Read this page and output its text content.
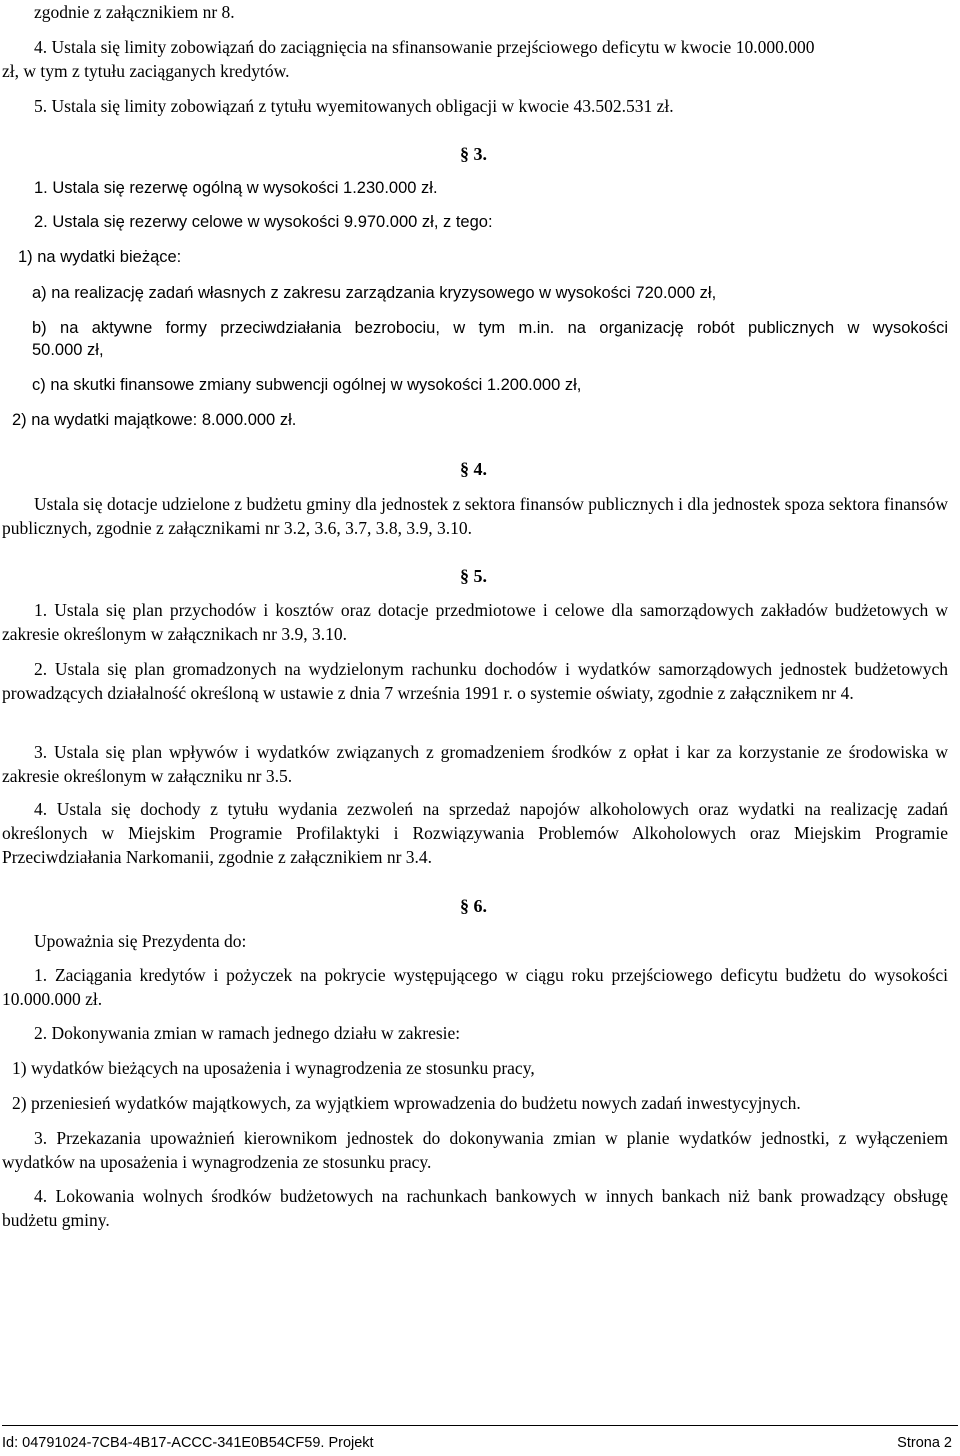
zgodnie z załącznikiem nr 8.
4. Ustala się limity zobowiązań do zaciągnięcia na sfinansowanie przejściowego deficytu w kwocie 10.000.000
zł, w tym z tytułu zaciąganych kredytów.
5. Ustala się limity zobowiązań z tytułu wyemitowanych obligacji w kwocie 43.502.531 zł.
§ 3.
1. Ustala się rezerwę ogólną w wysokości 1.230.000 zł.
2. Ustala się rezerwy celowe w wysokości 9.970.000 zł, z tego:
1) na wydatki bieżące:
a) na realizację zadań własnych z zakresu zarządzania kryzysowego w wysokości 720.000 zł,
b) na aktywne formy przeciwdziałania bezrobociu, w tym m.in. na organizację robót publicznych w wysokości
50.000 zł,
c) na skutki finansowe zmiany subwencji ogólnej w wysokości 1.200.000 zł,
2) na wydatki majątkowe: 8.000.000 zł.
§ 4.
Ustala się dotacje udzielone z budżetu gminy dla jednostek z sektora finansów publicznych i dla jednostek spoza sektora finansów publicznych, zgodnie z załącznikami nr 3.2, 3.6, 3.7, 3.8, 3.9, 3.10.
§ 5.
1. Ustala się plan przychodów i kosztów oraz dotacje przedmiotowe i celowe dla samorządowych zakładów budżetowych w zakresie określonym w załącznikach nr 3.9, 3.10.
2. Ustala się plan gromadzonych na wydzielonym rachunku dochodów i wydatków samorządowych jednostek budżetowych prowadzących działalność określoną w ustawie z dnia 7 września 1991 r. o systemie oświaty, zgodnie z załącznikem nr 4.
3. Ustala się plan wpływów i wydatków związanych z gromadzeniem środków z opłat i kar za korzystanie ze środowiska w zakresie określonym w załączniku nr 3.5.
4. Ustala się dochody z tytułu wydania zezwoleń na sprzedaż napojów alkoholowych oraz wydatki na realizację zadań określonych w Miejskim Programie Profilaktyki i Rozwiązywania Problemów Alkoholowych oraz Miejskim Programie Przeciwdziałania Narkomanii, zgodnie z załącznikiem nr 3.4.
§ 6.
Upoważnia się Prezydenta do:
1. Zaciągania kredytów i pożyczek na pokrycie występującego w ciągu roku przejściowego deficytu budżetu do wysokości 10.000.000 zł.
2. Dokonywania zmian w ramach jednego działu w zakresie:
1) wydatków bieżących na uposażenia i wynagrodzenia ze stosunku pracy,
2) przeniesień wydatków majątkowych, za wyjątkiem wprowadzenia do budżetu nowych zadań inwestycyjnych.
3. Przekazania upoważnień kierownikom jednostek do dokonywania zmian w planie wydatków jednostki, z wyłączeniem wydatków na uposażenia i wynagrodzenia ze stosunku pracy.
4. Lokowania wolnych środków budżetowych na rachunkach bankowych w innych bankach niż bank prowadzący obsługę budżetu gminy.
Id: 04791024-7CB4-4B17-ACCC-341E0B54CF59. Projekt	Strona 2
